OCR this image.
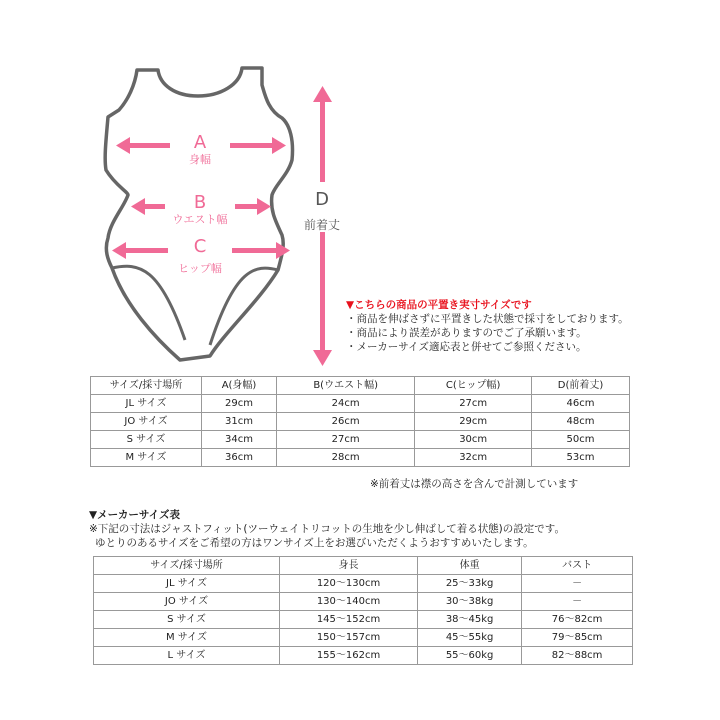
A
身幅
B
ウエスト幅
C
ヒップ幅
D
前着丈
▼こちらの商品の平置き実寸サイズです
・商品を伸ばさずに平置きした状態で採寸をしております。
・商品により誤差がありますのでご了承願います。
・メーカーサイズ適応表と併せてご参照ください。
サイズ/採寸場所	A(身幅)	B(ウエスト幅)	C(ヒップ幅)	D(前着丈)
JL サイズ	29cm	24cm	27cm	46cm
JO サイズ	31cm	26cm	29cm	48cm
S サイズ	34cm	27cm	30cm	50cm
M サイズ	36cm	28cm	32cm	53cm
※前着丈は襟の高さを含んで計測しています
▼メーカーサイズ表
※下記の寸法はジャストフィット(ツーウェイトリコットの生地を少し伸ばして着る状態)の設定です。
ゆとりのあるサイズをご希望の方はワンサイズ上をお選びいただくようおすすめいたします。
サイズ/採寸場所	身長	体重	バスト
JL サイズ	120〜130cm	25〜33kg	－
JO サイズ	130〜140cm	30〜38kg	－
S サイズ	145〜152cm	38〜45kg	76〜82cm
M サイズ	150〜157cm	45〜55kg	79〜85cm
L サイズ	155〜162cm	55〜60kg	82〜88cm
